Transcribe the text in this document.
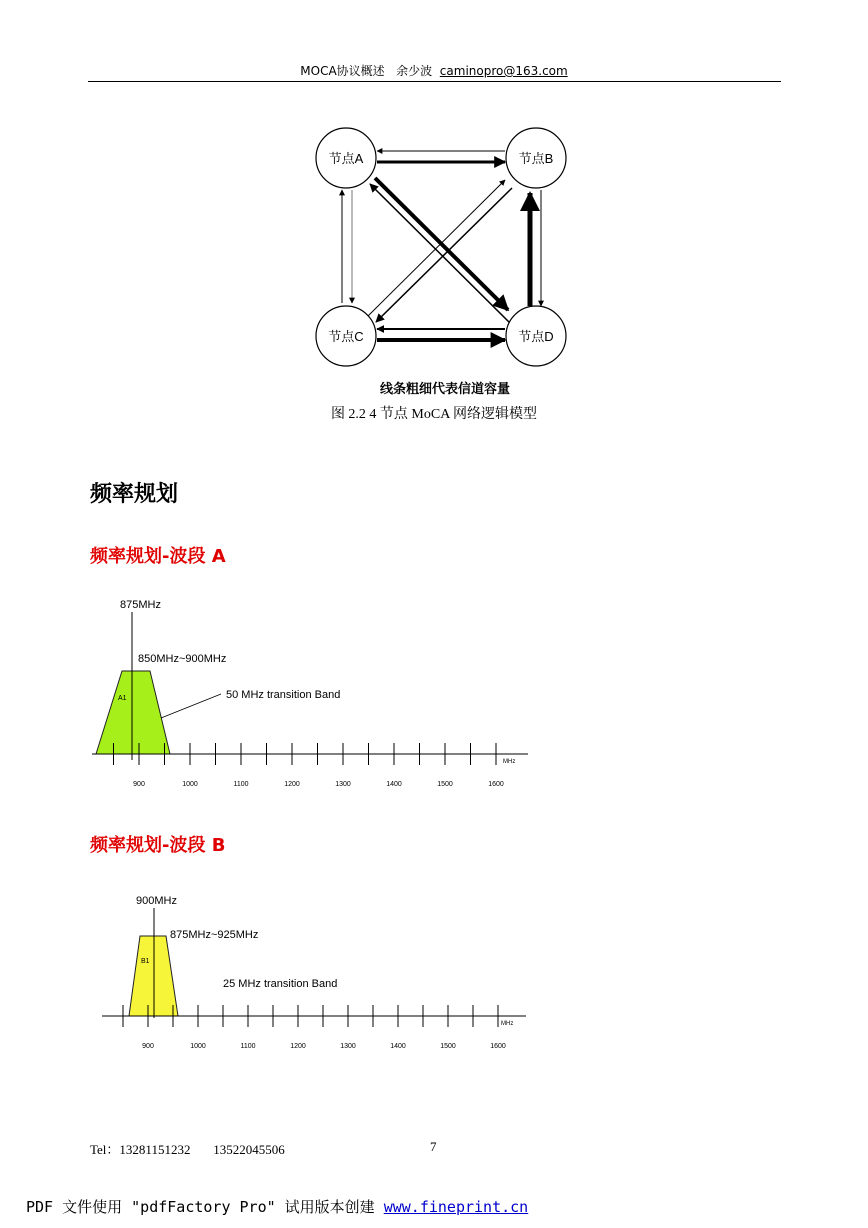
MOCA协议概述 余少波 caminopro@163.com
节点A	节点B
节点C	节点D
线条粗细代表信道容量
图 2.2 4 节点 MoCA 网络逻辑模型
频率规划
频率规划-波段 A
875MHz
A1
850MHz~900MHz
50 MHz transition Band
900	1000	1100	1200	1300	1400	1500	1600
MHz
频率规划-波段 B
900MHz
B1
875MHz~925MHz
25 MHz transition Band
900	1000	1100	1200	1300	1400	1500	1600
MHz
Tel：13281151232 13522045506	7
PDF 文件使用 "pdfFactory Pro" 试用版本创建 www.fineprint.cn
